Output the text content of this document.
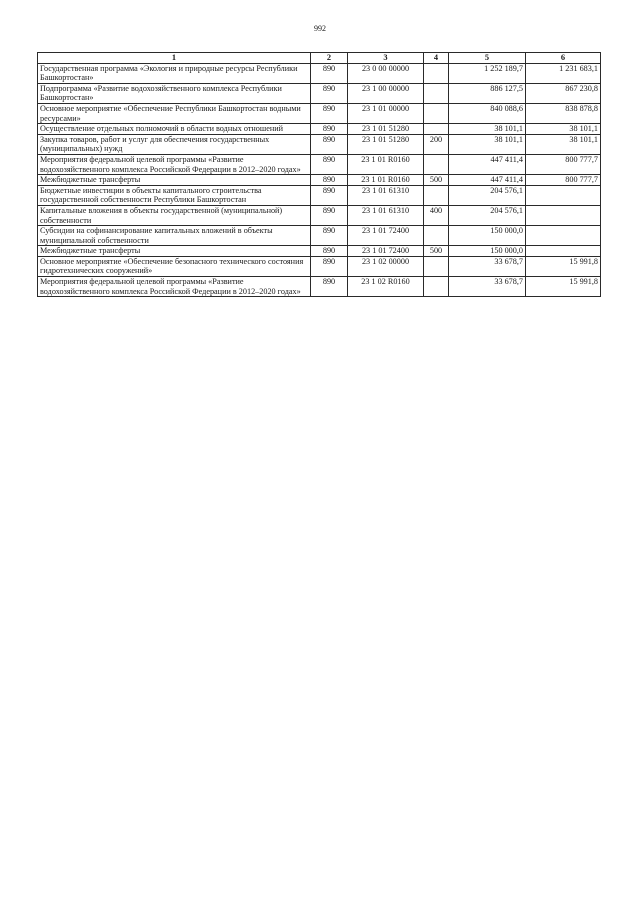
992
1	2	3	4	5	6
Государственная программа «Экология и природные ресурсы Республики Башкортостан»	890	23 0 00 00000		1 252 189,7	1 231 683,1
Подпрограмма «Развитие водохозяйственного комплекса Республики Башкортостан»	890	23 1 00 00000		886 127,5	867 230,8
Основное мероприятие «Обеспечение Республики Башкортостан водными ресурсами»	890	23 1 01 00000		840 088,6	838 878,8
Осуществление отдельных полномочий в области водных отношений	890	23 1 01 51280		38 101,1	38 101,1
Закупка товаров, работ и услуг для обеспечения государственных (муниципальных) нужд	890	23 1 01 51280	200	38 101,1	38 101,1
Мероприятия федеральной целевой программы «Развитие водохозяйственного комплекса Российской Федерации в 2012–2020 годах»	890	23 1 01 R0160		447 411,4	800 777,7
Межбюджетные трансферты	890	23 1 01 R0160	500	447 411,4	800 777,7
Бюджетные инвестиции в объекты капитального строительства государственной собственности Республики Башкортостан	890	23 1 01 61310		204 576,1	
Капитальные вложения в объекты государственной (муниципальной) собственности	890	23 1 01 61310	400	204 576,1	
Субсидии на софинансирование капитальных вложений в объекты муниципальной собственности	890	23 1 01 72400		150 000,0	
Межбюджетные трансферты	890	23 1 01 72400	500	150 000,0	
Основное мероприятие «Обеспечение безопасного технического состояния гидротехнических сооружений»	890	23 1 02 00000		33 678,7	15 991,8
Мероприятия федеральной целевой программы «Развитие водохозяйственного комплекса Российской Федерации в 2012–2020 годах»	890	23 1 02 R0160		33 678,7	15 991,8
